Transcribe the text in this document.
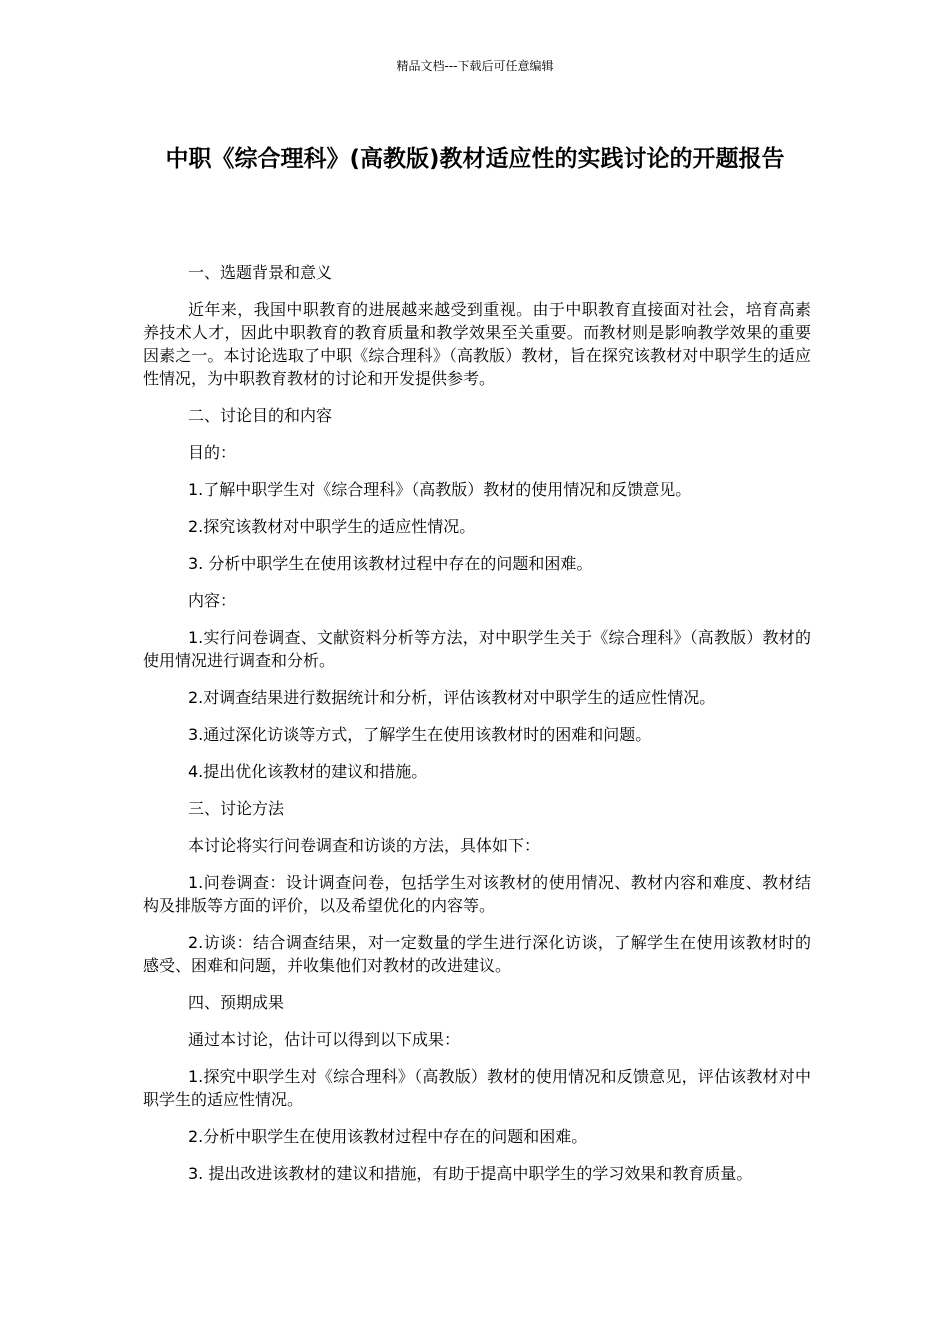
精品文档---下载后可任意编辑
中职《综合理科》(高教版)教材适应性的实践讨论的开题报告

一、选题背景和意义

近年来，我国中职教育的进展越来越受到重视。由于中职教育直接面对社会，培育高素养技术人才，因此中职教育的教育质量和教学效果至关重要。而教材则是影响教学效果的重要因素之一。本讨论选取了中职《综合理科》（高教版）教材，旨在探究该教材对中职学生的适应性情况，为中职教育教材的讨论和开发提供参考。

二、讨论目的和内容

目的：

1.了解中职学生对《综合理科》（高教版）教材的使用情况和反馈意见。

2.探究该教材对中职学生的适应性情况。

3. 分析中职学生在使用该教材过程中存在的问题和困难。

内容：

1.实行问卷调查、文献资料分析等方法，对中职学生关于《综合理科》（高教版）教材的使用情况进行调查和分析。

2.对调查结果进行数据统计和分析，评估该教材对中职学生的适应性情况。

3.通过深化访谈等方式，了解学生在使用该教材时的困难和问题。

4.提出优化该教材的建议和措施。

三、讨论方法

本讨论将实行问卷调查和访谈的方法，具体如下：

1.问卷调查：设计调查问卷，包括学生对该教材的使用情况、教材内容和难度、教材结构及排版等方面的评价，以及希望优化的内容等。

2.访谈：结合调查结果，对一定数量的学生进行深化访谈，了解学生在使用该教材时的感受、困难和问题，并收集他们对教材的改进建议。

四、预期成果

通过本讨论，估计可以得到以下成果：

1.探究中职学生对《综合理科》（高教版）教材的使用情况和反馈意见，评估该教材对中职学生的适应性情况。

2.分析中职学生在使用该教材过程中存在的问题和困难。

3. 提出改进该教材的建议和措施，有助于提高中职学生的学习效果和教育质量。
